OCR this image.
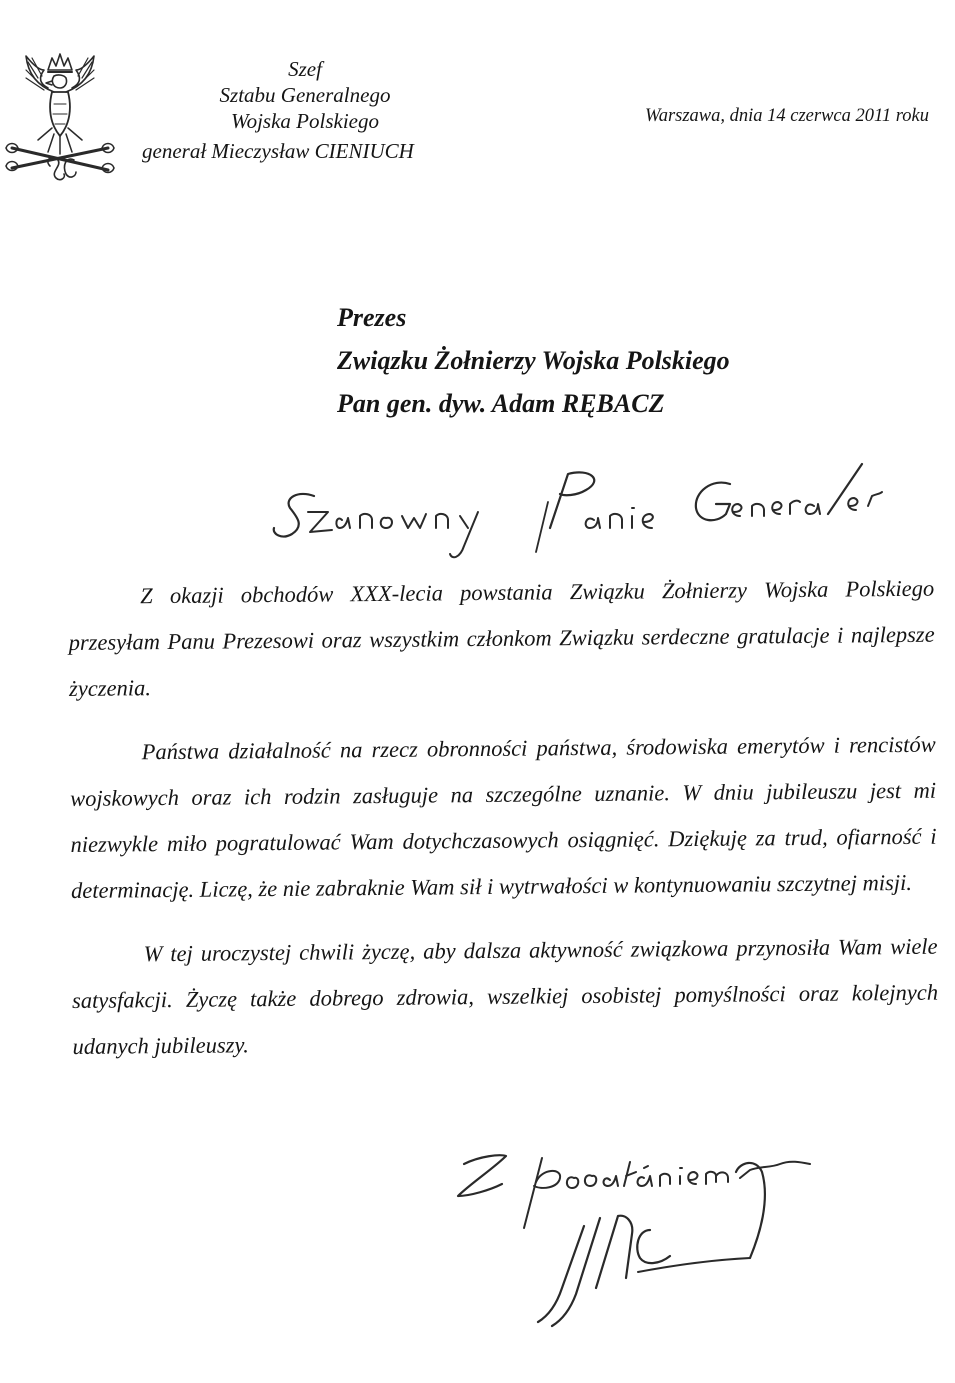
Szef
Sztabu Generalnego
Wojska Polskiego
generał Mieczysław CIENIUCH
Warszawa, dnia 14 czerwca 2011 roku
Prezes
Związku Żołnierzy Wojska Polskiego
Pan gen. dyw. Adam RĘBACZ

Z okazji obchodów XXX-lecia powstania Związku Żołnierzy Wojska Polskiego przesyłam Panu Prezesowi oraz wszystkim członkom Związku serdeczne gratulacje i najlepsze życzenia.

Państwa działalność na rzecz obronności państwa, środowiska emerytów i rencistów wojskowych oraz ich rodzin zasługuje na szczególne uznanie. W dniu jubileuszu jest mi niezwykle miło pogratulować Wam dotychczasowych osiągnięć. Dziękuję za trud, ofiarność i determinację. Liczę, że nie zabraknie Wam sił i wytrwałości w kontynuowaniu szczytnej misji.

W tej uroczystej chwili życzę, aby dalsza aktywność związkowa przynosiła Wam wiele satysfakcji. Życzę także dobrego zdrowia, wszelkiej osobistej pomyślności oraz kolejnych udanych jubileuszy.
